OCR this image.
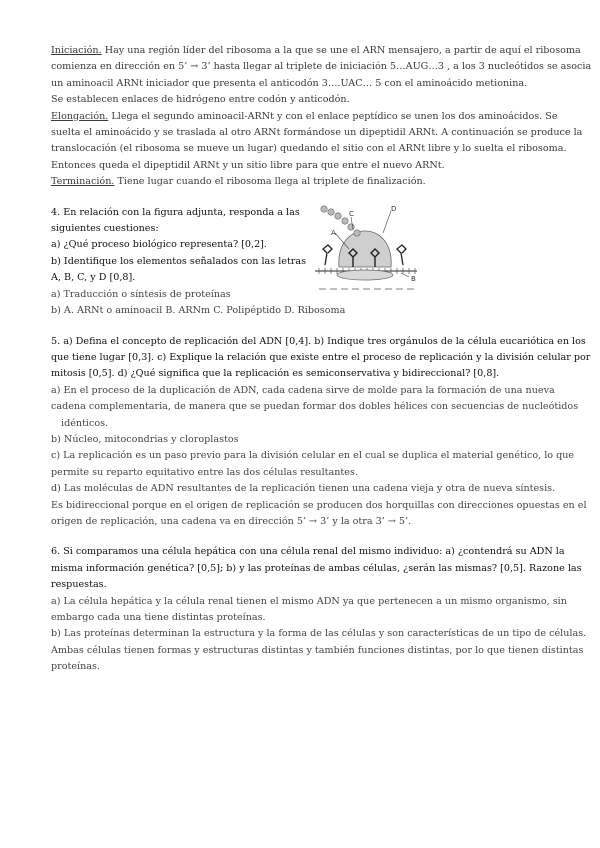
Iniciación. Hay una región líder del ribosoma a la que se une el ARN mensajero, a partir de aquí el ribosoma

comienza en dirección en 5’ → 3’ hasta llegar al triplete de iniciación 5…AUG…3 , a los 3 nucleótidos se asocia

un aminoacil ARNt iniciador que presenta el anticodón 3….UAC… 5 con el aminoácido metionina.

Se establecen enlaces de hidrógeno entre codón y anticodón.

Elongación. Llega el segundo aminoacil-ARNt y con el enlace peptídico se unen los dos aminoácidos. Se

suelta el aminoácido y se traslada al otro ARNt formándose un dipeptidil ARNt. A continuación se produce la

translocación (el ribosoma se mueve un lugar) quedando el sitio con el ARNt libre y lo suelta el ribosoma.

Entonces queda el dipeptidil ARNt y un sitio libre para que entre el nuevo ARNt.

Terminación. Tiene lugar cuando el ribosoma llega al triplete de finalización.

4. En relación con la figura adjunta, responda a las

siguientes cuestiones:

a) ¿Qué proceso biológico representa? [0,2].

b) Identifique los elementos señalados con las letras

A, B, C, y D [0,8].

a) Traducción o síntesis de proteínas

b) A. ARNt o aminoacil B. ARNm C. Polipéptido D. Ribosoma

D
C
A
B

5. a) Defina el concepto de replicación del ADN [0,4]. b) Indique tres orgánulos de la célula eucariótica en los

que tiene lugar [0,3]. c) Explique la relación que existe entre el proceso de replicación y la división celular por

mitosis [0,5]. d) ¿Qué significa que la replicación es semiconservativa y bidireccional? [0,8].

a) En el proceso de la duplicación de ADN, cada cadena sirve de molde para la formación de una nueva

cadena complementaria, de manera que se puedan formar dos dobles hélices con secuencias de nucleótidos

idénticos.

b) Núcleo, mitocondrias y cloroplastos

c) La replicación es un paso previo para la división celular en el cual se duplica el material genético, lo que

permite su reparto equitativo entre las dos células resultantes.

d) Las moléculas de ADN resultantes de la replicación tienen una cadena vieja y otra de nueva síntesis.

Es bidireccional porque en el origen de replicación se producen dos horquillas con direcciones opuestas en el

origen de replicación, una cadena va en dirección 5’ → 3’ y la otra 3’ → 5’.

6. Si comparamos una célula hepática con una célula renal del mismo individuo: a) ¿contendrá su ADN la

misma información genética? [0,5]; b) y las proteínas de ambas células, ¿serán las mismas? [0,5]. Razone las

respuestas.

a) La célula hepática y la célula renal tienen el mismo ADN ya que pertenecen a un mismo organismo, sin

embargo cada una tiene distintas proteínas.

b) Las proteínas determinan la estructura y la forma de las células y son características de un tipo de células.

Ambas células tienen formas y estructuras distintas y también funciones distintas, por lo que tienen distintas

proteínas.
